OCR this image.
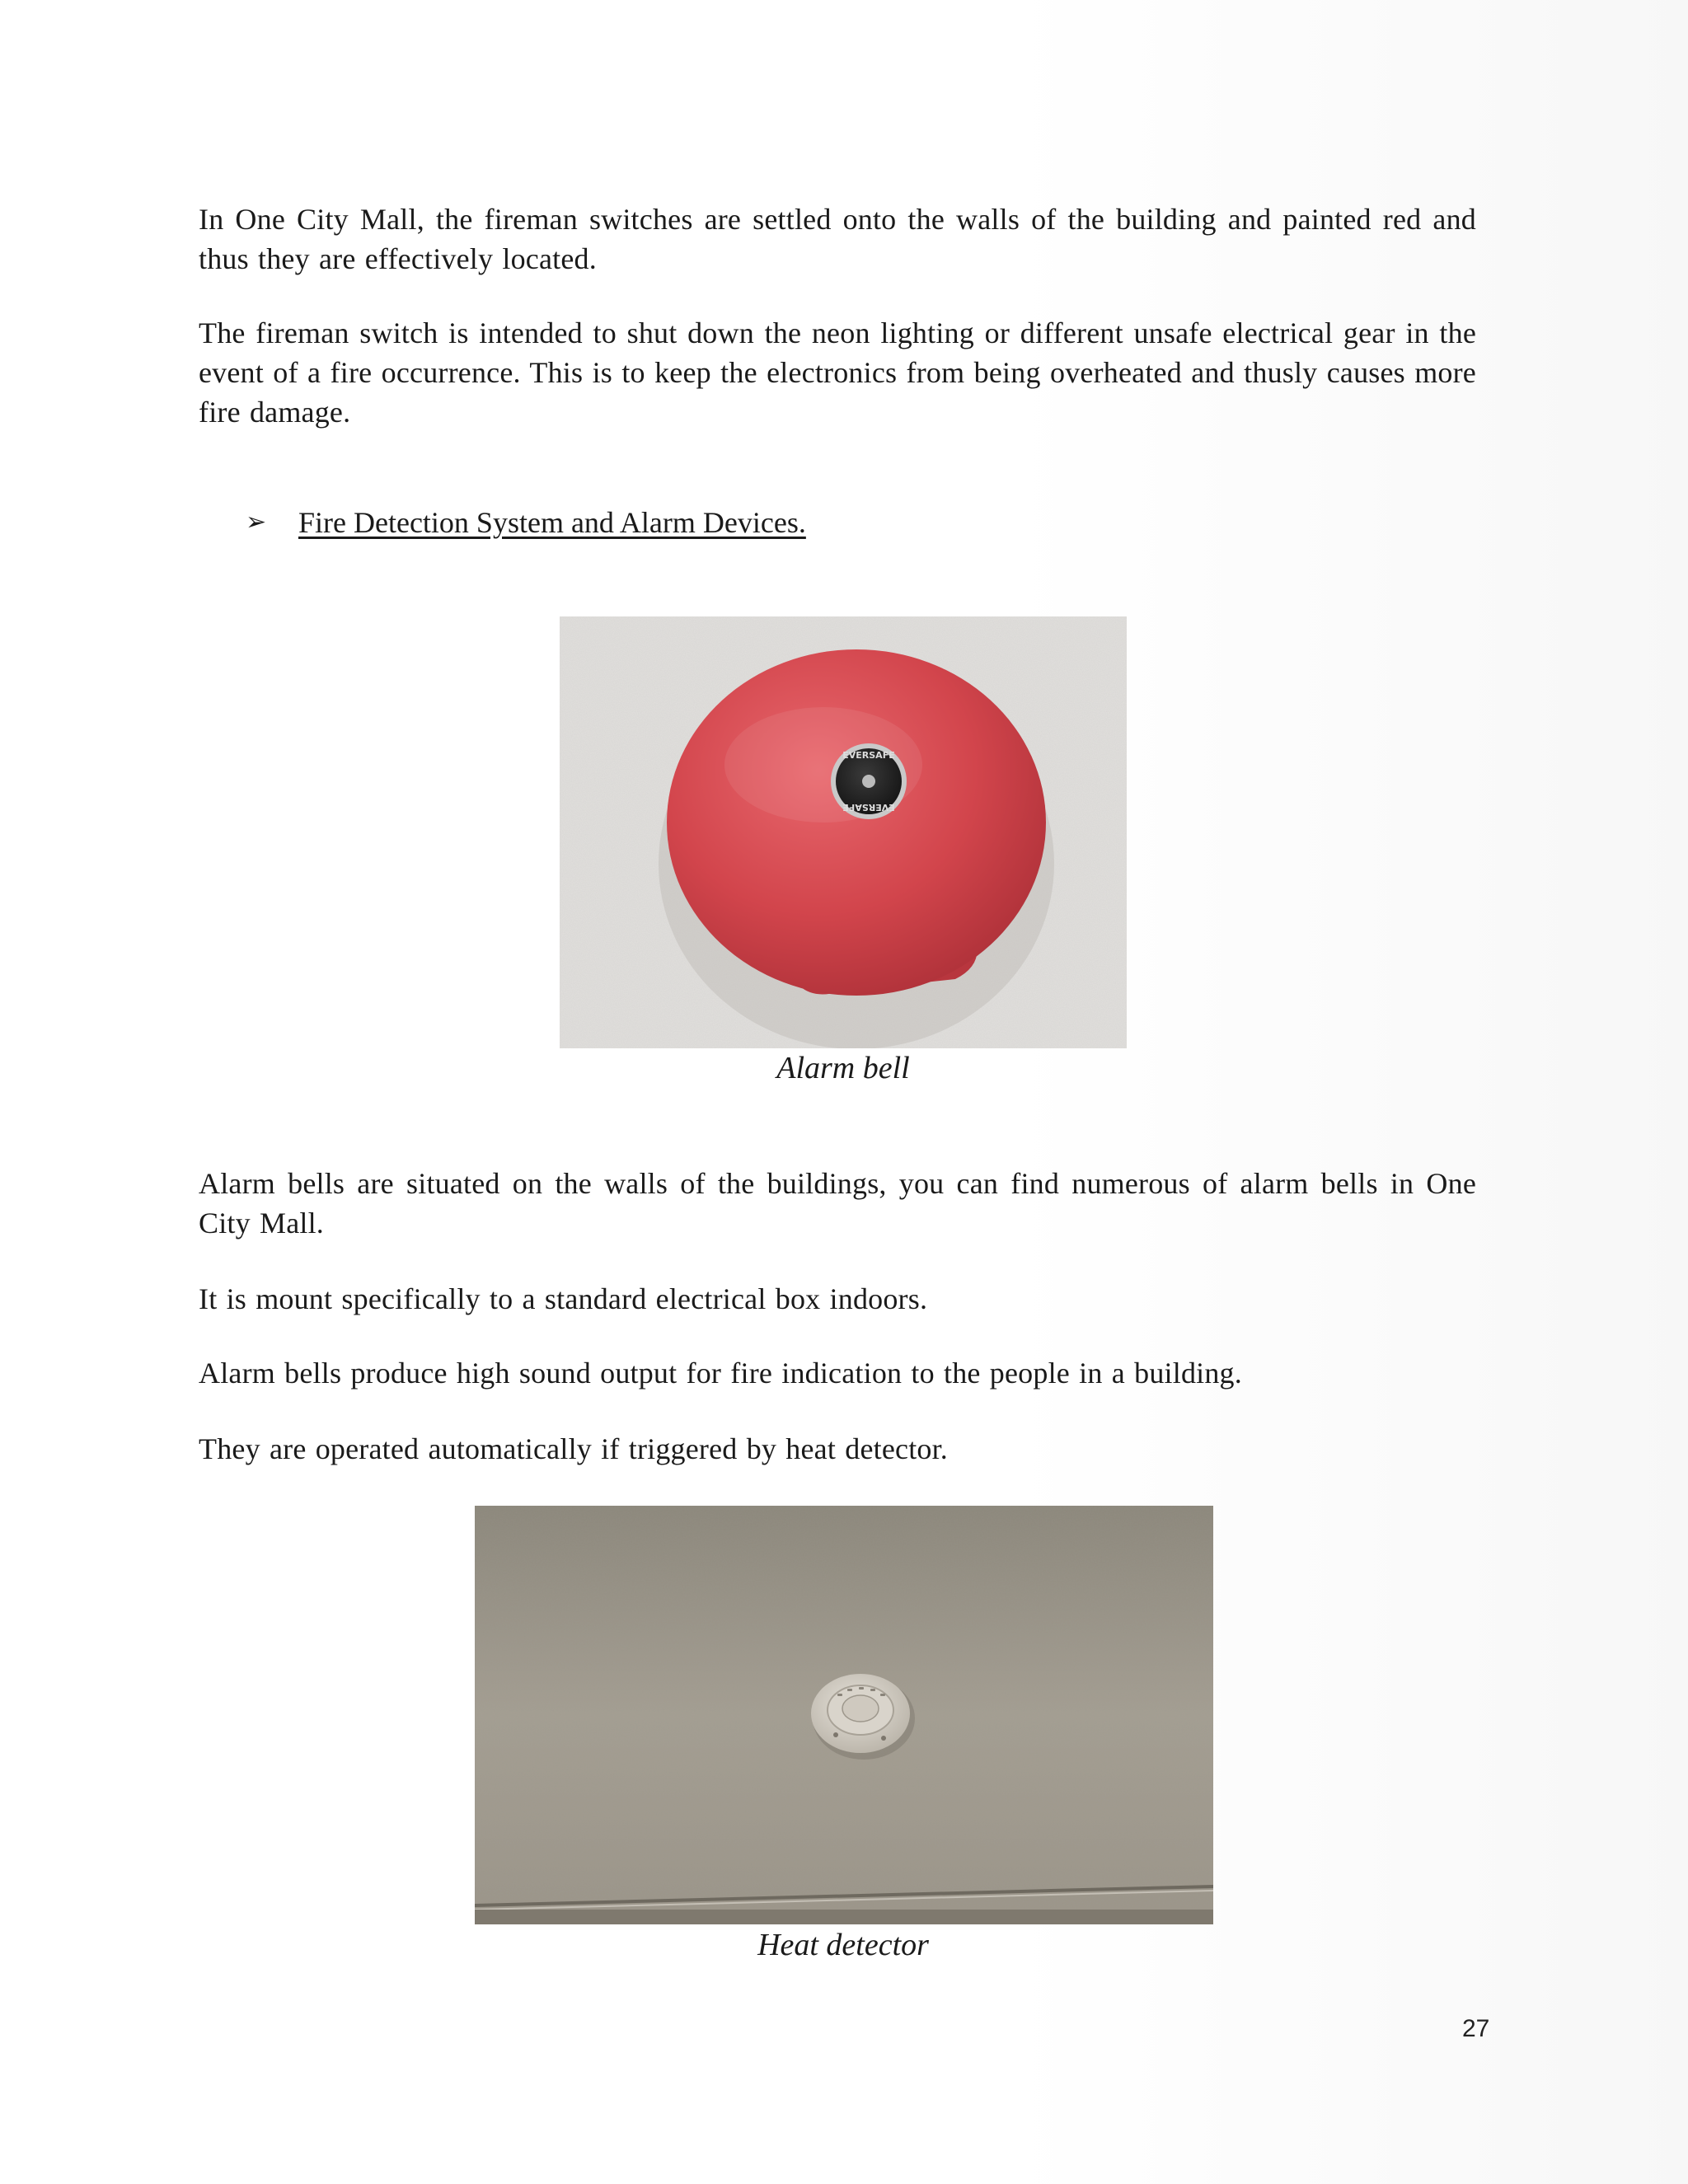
In One City Mall, the fireman switches are settled onto the walls of the building and painted red and thus they are effectively located.

The fireman switch is intended to shut down the neon lighting or different unsafe electrical gear in the event of a fire occurrence. This is to keep the electronics from being overheated and thusly causes more fire damage.

➢	Fire Detection System and Alarm Devices.
EVERSAFE
EVERSAFE
Alarm bell

Alarm bells are situated on the walls of the buildings, you can find numerous of alarm bells in One City Mall.

It is mount specifically to a standard electrical box indoors.

Alarm bells produce high sound output for fire indication to the people in a building.

They are operated automatically if triggered by heat detector.

Heat detector
27
